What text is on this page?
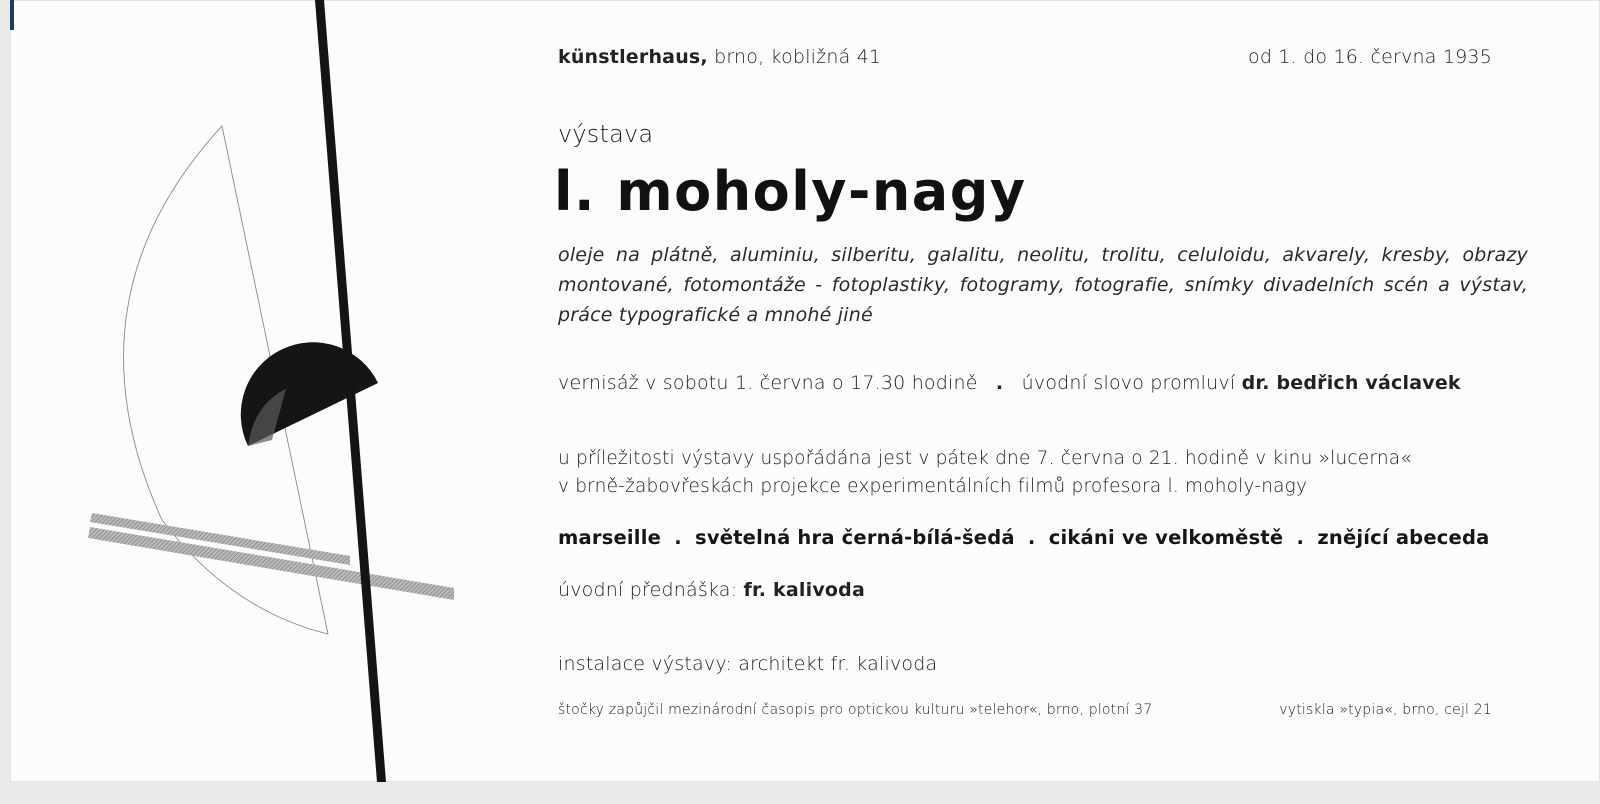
künstlerhaus, brno, kobližná 41	od 1. do 16. června 1935
výstava
l. moholy-nagy
oleje na plátně, aluminiu, silberitu, galalitu, neolitu, trolitu, celuloidu, akvarely, kresby, obrazy montované, fotomontáže - fotoplastiky, fotogramy, fotografie, snímky divadelních scén a výstav, práce typografické a mnohé jiné
vernisáž v sobotu 1. června o 17.30 hodině . úvodní slovo promluví dr. bedřich václavek
u příležitosti výstavy uspořádána jest v pátek dne 7. června o 21. hodině v kinu »lucerna«
v brně-žabovřeskách projekce experimentálních filmů profesora l. moholy-nagy
marseille . světelná hra černá-bílá-šedá . cikáni ve velkoměstě . znějící abeceda
úvodní přednáška: fr. kalivoda
instalace výstavy: architekt fr. kalivoda
štočky zapůjčil mezinárodní časopis pro optickou kulturu »telehor«, brno, plotní 37	vytiskla »typia«, brno, cejl 21
